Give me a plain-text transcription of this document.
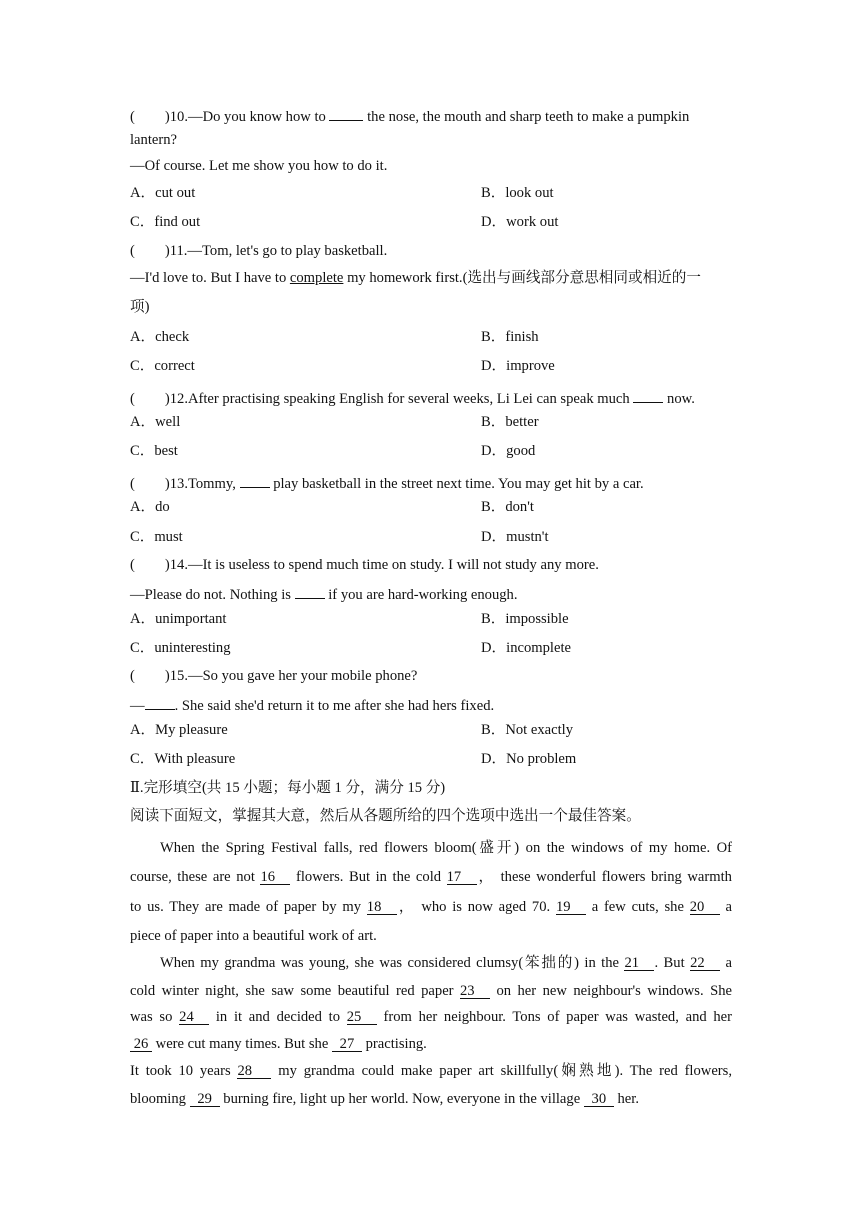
( )10.—Do you know how to	the nose, the mouth and sharp teeth to make a pumpkin
lantern?
—Of course. Let me show you how to do it.
A．cut out	B．look out
C．find out	D．work out
( )11.—Tom, let's go to play basketball.
—I'd love to. But I have to complete my homework first.(选出与画线部分意思相同或相近的一
项)
A．check	B．finish
C．correct	D．improve
( )12.After practising speaking English for several weeks, Li Lei can speak much	now.
A．well	B．better
C．best	D．good
( )13.Tommy,	play basketball in the street next time. You may get hit by a car.
A．do	B．don't
C．must	D．mustn't
( )14.—It is useless to spend much time on study. I will not study any more.
—Please do not. Nothing is	if you are hard-working enough.
A．unimportant	B．impossible
C．uninteresting	D．incomplete
( )15.—So you gave her your mobile phone?
— . She said she'd return it to me after she had hers fixed.
A．My pleasure	B．Not exactly
C．With pleasure	D．No problem
Ⅱ.完形填空(共 15 小题；每小题 1 分，满分 15 分)
阅读下面短文，掌握其大意，然后从各题所给的四个选项中选出一个最佳答案。
When the Spring Festival falls, red flowers bloom(盛开) on the windows of my home. Of
course, these are not 16 flowers. But in the cold 17 ， these wonderful flowers bring warmth
to us. They are made of paper by my 18 ， who is now aged 70. 19 a few cuts, she 20 a
piece of paper into a beautiful work of art.
When my grandma was young, she was considered clumsy(笨拙的) in the 21 . But 22 a
cold winter night, she saw some beautiful red paper 23 on her new neighbour's windows. She
was so 24 in it and decided to 25 from her neighbour. Tons of paper was wasted, and her
26 were cut many times. But she 27 practising.
It took 10 years 28 my grandma could make paper art skillfully(娴熟地). The red flowers,
blooming 29 burning fire, light up her world. Now, everyone in the village 30 her.
